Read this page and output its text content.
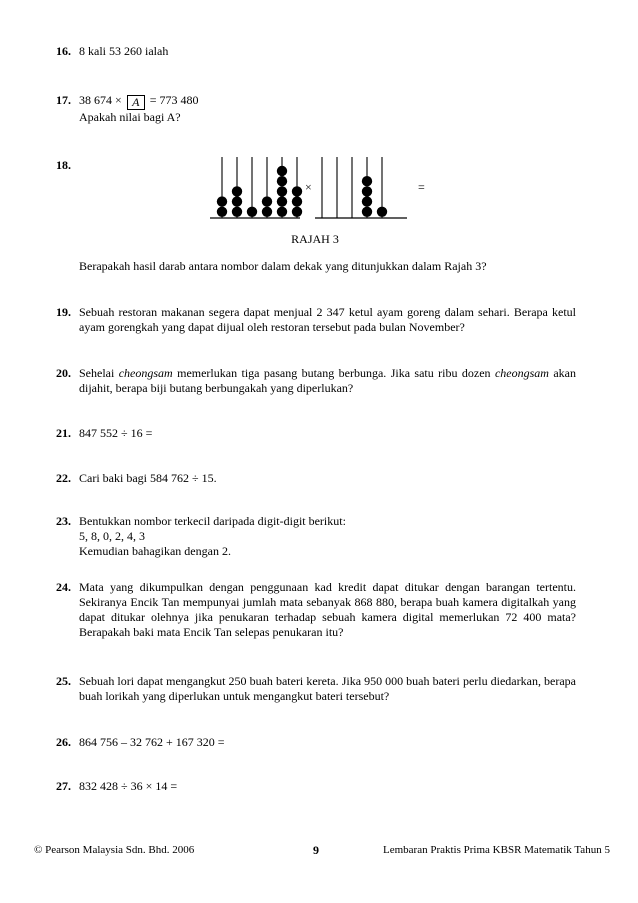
16. 8 kali 53 260 ialah

17. 38 674 × A = 773 480

Apakah nilai bagi A?

18.
×	=
RAJAH 3

Berapakah hasil darab antara nombor dalam dekak yang ditunjukkan dalam Rajah 3?

19. Sebuah restoran makanan segera dapat menjual 2 347 ketul ayam goreng dalam sehari. Berapa ketul ayam gorengkah yang dapat dijual oleh restoran tersebut pada bulan November?

20. Sehelai cheongsam memerlukan tiga pasang butang berbunga. Jika satu ribu dozen cheongsam akan dijahit, berapa biji butang berbungakah yang diperlukan?

21. 847 552 ÷ 16 =

22. Cari baki bagi 584 762 ÷ 15.

23. Bentukkan nombor terkecil daripada digit-digit berikut:

5, 8, 0, 2, 4, 3

Kemudian bahagikan dengan 2.

24. Mata yang dikumpulkan dengan penggunaan kad kredit dapat ditukar dengan barangan tertentu. Sekiranya Encik Tan mempunyai jumlah mata sebanyak 868 880, berapa buah kamera digitalkah yang dapat ditukar olehnya jika penukaran terhadap sebuah kamera digital memerlukan 72 400 mata? Berapakah baki mata Encik Tan selepas penukaran itu?

25. Sebuah lori dapat mengangkut 250 buah bateri kereta. Jika 950 000 buah bateri perlu diedarkan, berapa buah lorikah yang diperlukan untuk mengangkut bateri tersebut?

26. 864 756 – 32 762 + 167 320 =

27. 832 428 ÷ 36 × 14 =

© Pearson Malaysia Sdn. Bhd. 2006	9	Lembaran Praktis Prima KBSR Matematik Tahun 5
